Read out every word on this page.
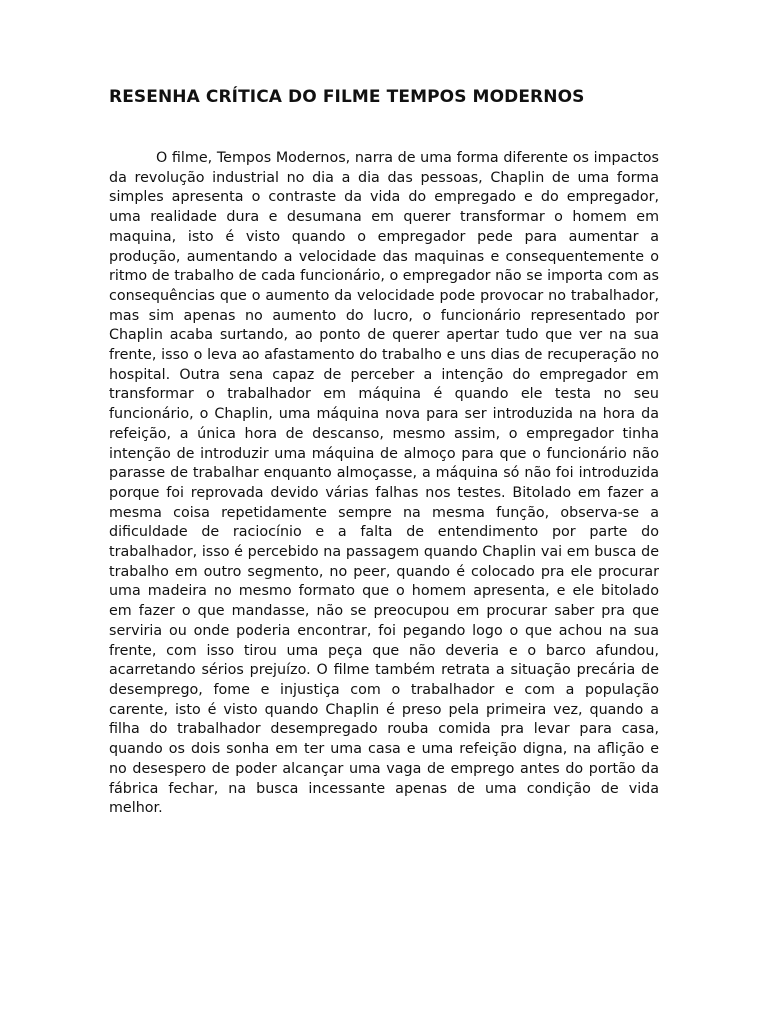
RESENHA CRÍTICA DO FILME TEMPOS MODERNOS

O filme, Tempos Modernos, narra de uma forma diferente os impactos da revolução industrial no dia a dia das pessoas, Chaplin de uma forma simples apresenta o contraste da vida do empregado e do empregador, uma realidade dura e desumana em querer transformar o homem em maquina, isto é visto quando o empregador pede para aumentar a produção, aumentando a velocidade das maquinas e consequentemente o ritmo de trabalho de cada funcionário, o empregador não se importa com as consequências que o aumento da velocidade pode provocar no trabalhador, mas sim apenas no aumento do lucro, o funcionário representado por Chaplin acaba surtando, ao ponto de querer apertar tudo que ver na sua frente, isso o leva ao afastamento do trabalho e uns dias de recuperação no hospital. Outra sena capaz de perceber a intenção do empregador em transformar o trabalhador em máquina é quando ele testa no seu funcionário, o Chaplin, uma máquina nova para ser introduzida na hora da refeição, a única hora de descanso, mesmo assim, o empregador tinha intenção de introduzir uma máquina de almoço para que o funcionário não parasse de trabalhar enquanto almoçasse, a máquina só não foi introduzida porque foi reprovada devido várias falhas nos testes. Bitolado em fazer a mesma coisa repetidamente sempre na mesma função, observa-se a dificuldade de raciocínio e a falta de entendimento por parte do trabalhador, isso é percebido na passagem quando Chaplin vai em busca de trabalho em outro segmento, no peer, quando é colocado pra ele procurar uma madeira no mesmo formato que o homem apresenta, e ele bitolado em fazer o que mandasse, não se preocupou em procurar saber pra que serviria ou onde poderia encontrar, foi pegando logo o que achou na sua frente, com isso tirou uma peça que não deveria e o barco afundou, acarretando sérios prejuízo. O filme também retrata a situação precária de desemprego, fome e injustiça com o trabalhador e com a população carente, isto é visto quando Chaplin é preso pela primeira vez, quando a filha do trabalhador desempregado rouba comida pra levar para casa, quando os dois sonha em ter uma casa e uma refeição digna, na aflição e no desespero de poder alcançar uma vaga de emprego antes do portão da fábrica fechar, na busca incessante apenas de uma condição de vida melhor.
